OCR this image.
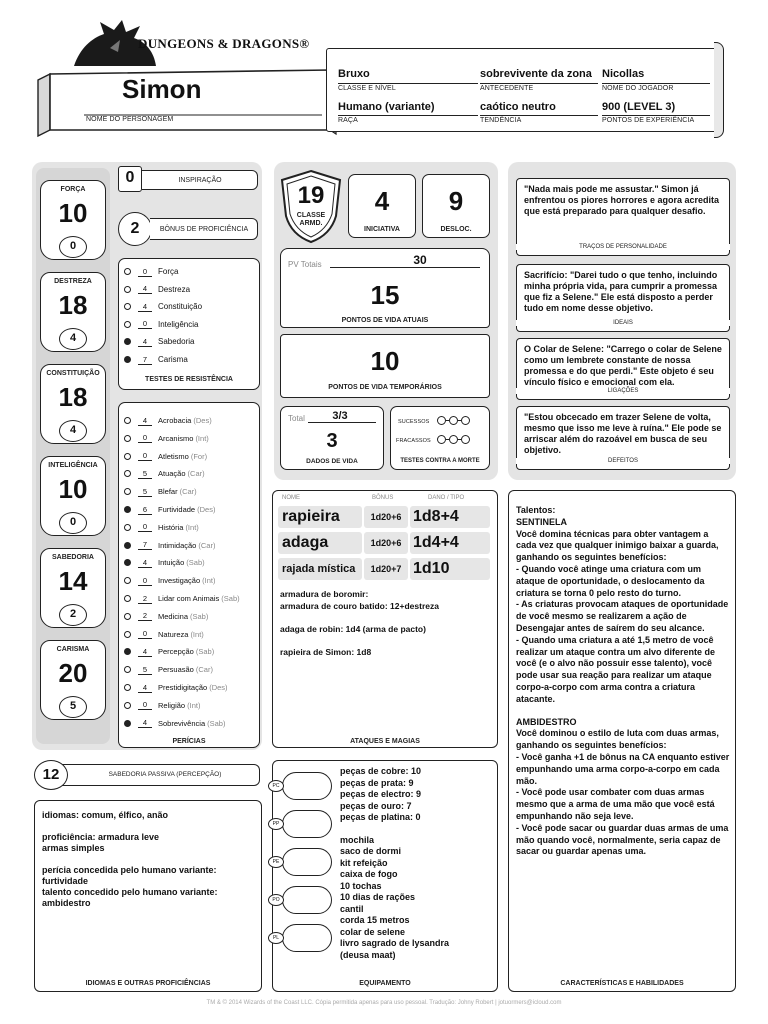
DUNGEONS & DRAGONS®
Simon
NOME DO PERSONAGEM
Bruxo
CLASSE E NÍVEL
sobrevivente da zona
ANTECEDENTE
Nicollas
NOME DO JOGADOR
Humano (variante)
RAÇA
caótico neutro
TENDÊNCIA
900 (LEVEL 3)
PONTOS DE EXPERIÊNCIA
0	INSPIRAÇÃO
2	BÔNUS DE PROFICIÊNCIA
0	Força
4	Destreza
4	Constituição
0	Inteligência
4	Sabedoria
7	Carisma
TESTES DE RESISTÊNCIA
4	Acrobacia (Des)
0	Arcanismo (Int)
0	Atletismo (For)
5	Atuação (Car)
5	Blefar (Car)
6	Furtividade (Des)
0	História (Int)
7	Intimidação (Car)
4	Intuição (Sab)
0	Investigação (Int)
2	Lidar com Animais (Sab)
2	Medicina (Sab)
0	Natureza (Int)
4	Percepção (Sab)
5	Persuasão (Car)
4	Prestidigitação (Des)
0	Religião (Int)
4	Sobrevivência (Sab)
PERÍCIAS
SABEDORIA PASSIVA (PERCEPÇÃO)
12
idiomas: comum, élfico, anão
proficiência: armadura leve
armas simples
perícia concedida pelo humano variante:
furtividade
talento concedido pelo humano variante:
ambidestro
IDIOMAS E OUTRAS PROFICIÊNCIAS
19
CLASSE ARMD.
4
INICIATIVA
9
DESLOC.
PV Totais	30
15
PONTOS DE VIDA ATUAIS
10
PONTOS DE VIDA TEMPORÁRIOS
Total	3/3
3
DADOS DE VIDA
SUCESSOS
FRACASSOS
TESTES CONTRA A MORTE
NOME	BÔNUS	DANO / TIPO
armadura de boromir:
armadura de couro batido: 12+destreza
adaga de robin: 1d4 (arma de pacto)
rapieira de Simon: 1d8
ATAQUES E MAGIAS
peças de cobre: 10
peças de prata: 9
peças de electro: 9
peças de ouro: 7
peças de platina: 0
mochila
saco de dormi
kit refeição
caixa de fogo
10 tochas
10 dias de rações
cantil
corda 15 metros
colar de selene
livro sagrado de lysandra
(deusa maat)
EQUIPAMENTO
Talentos:
SENTINELA
Você domina técnicas para obter vantagem a cada vez que qualquer inimigo baixar a guarda, ganhando os seguintes benefícios:
- Quando você atinge uma criatura com um ataque de oportunidade, o deslocamento da criatura se torna 0 pelo resto do turno.
- As criaturas provocam ataques de oportunidade de você mesmo se realizarem a ação de Desengajar antes de saírem do seu alcance.
- Quando uma criatura a até 1,5 metro de você realizar um ataque contra um alvo diferente de você (e o alvo não possuir esse talento), você pode usar sua reação para realizar um ataque corpo-a-corpo com arma contra a criatura atacante.
AMBIDESTRO
Você dominou o estilo de luta com duas armas, ganhando os seguintes benefícios:
- Você ganha +1 de bônus na CA enquanto estiver empunhando uma arma corpo-a-corpo em cada mão.
- Você pode usar combater com duas armas mesmo que a arma de uma mão que você está empunhando não seja leve.
- Você pode sacar ou guardar duas armas de uma mão quando você, normalmente, seria capaz de sacar ou guardar apenas uma.
CARACTERÍSTICAS E HABILIDADES
TM & © 2014 Wizards of the Coast LLC. Cópia permitida apenas para uso pessoal. Tradução: Johny Robert | jotuormers@icloud.com
FORÇA
10
0
DESTREZA
18
4
CONSTITUIÇÃO
18
4
INTELIGÊNCIA
10
0
SABEDORIA
14
2
CARISMA
20
5
rapieira	1d20+6 1d8+4
adaga	1d20+6 1d4+4
rajada mística	1d20+7 1d10
PC
PP
PE
PO
PL
"Nada mais pode me assustar." Simon já enfrentou os piores horrores e agora acredita que está preparado para qualquer desafio.
TRAÇOS DE PERSONALIDADE
Sacrifício: "Darei tudo o que tenho, incluindo minha própria vida, para cumprir a promessa que fiz a Selene." Ele está disposto a perder tudo em nome desse objetivo.
IDEAIS
O Colar de Selene: "Carrego o colar de Selene como um lembrete constante de nossa promessa e do que perdi." Este objeto é seu vínculo físico e emocional com ela.
LIGAÇÕES
"Estou obcecado em trazer Selene de volta, mesmo que isso me leve à ruína." Ele pode se arriscar além do razoável em busca de seu objetivo.
DEFEITOS
